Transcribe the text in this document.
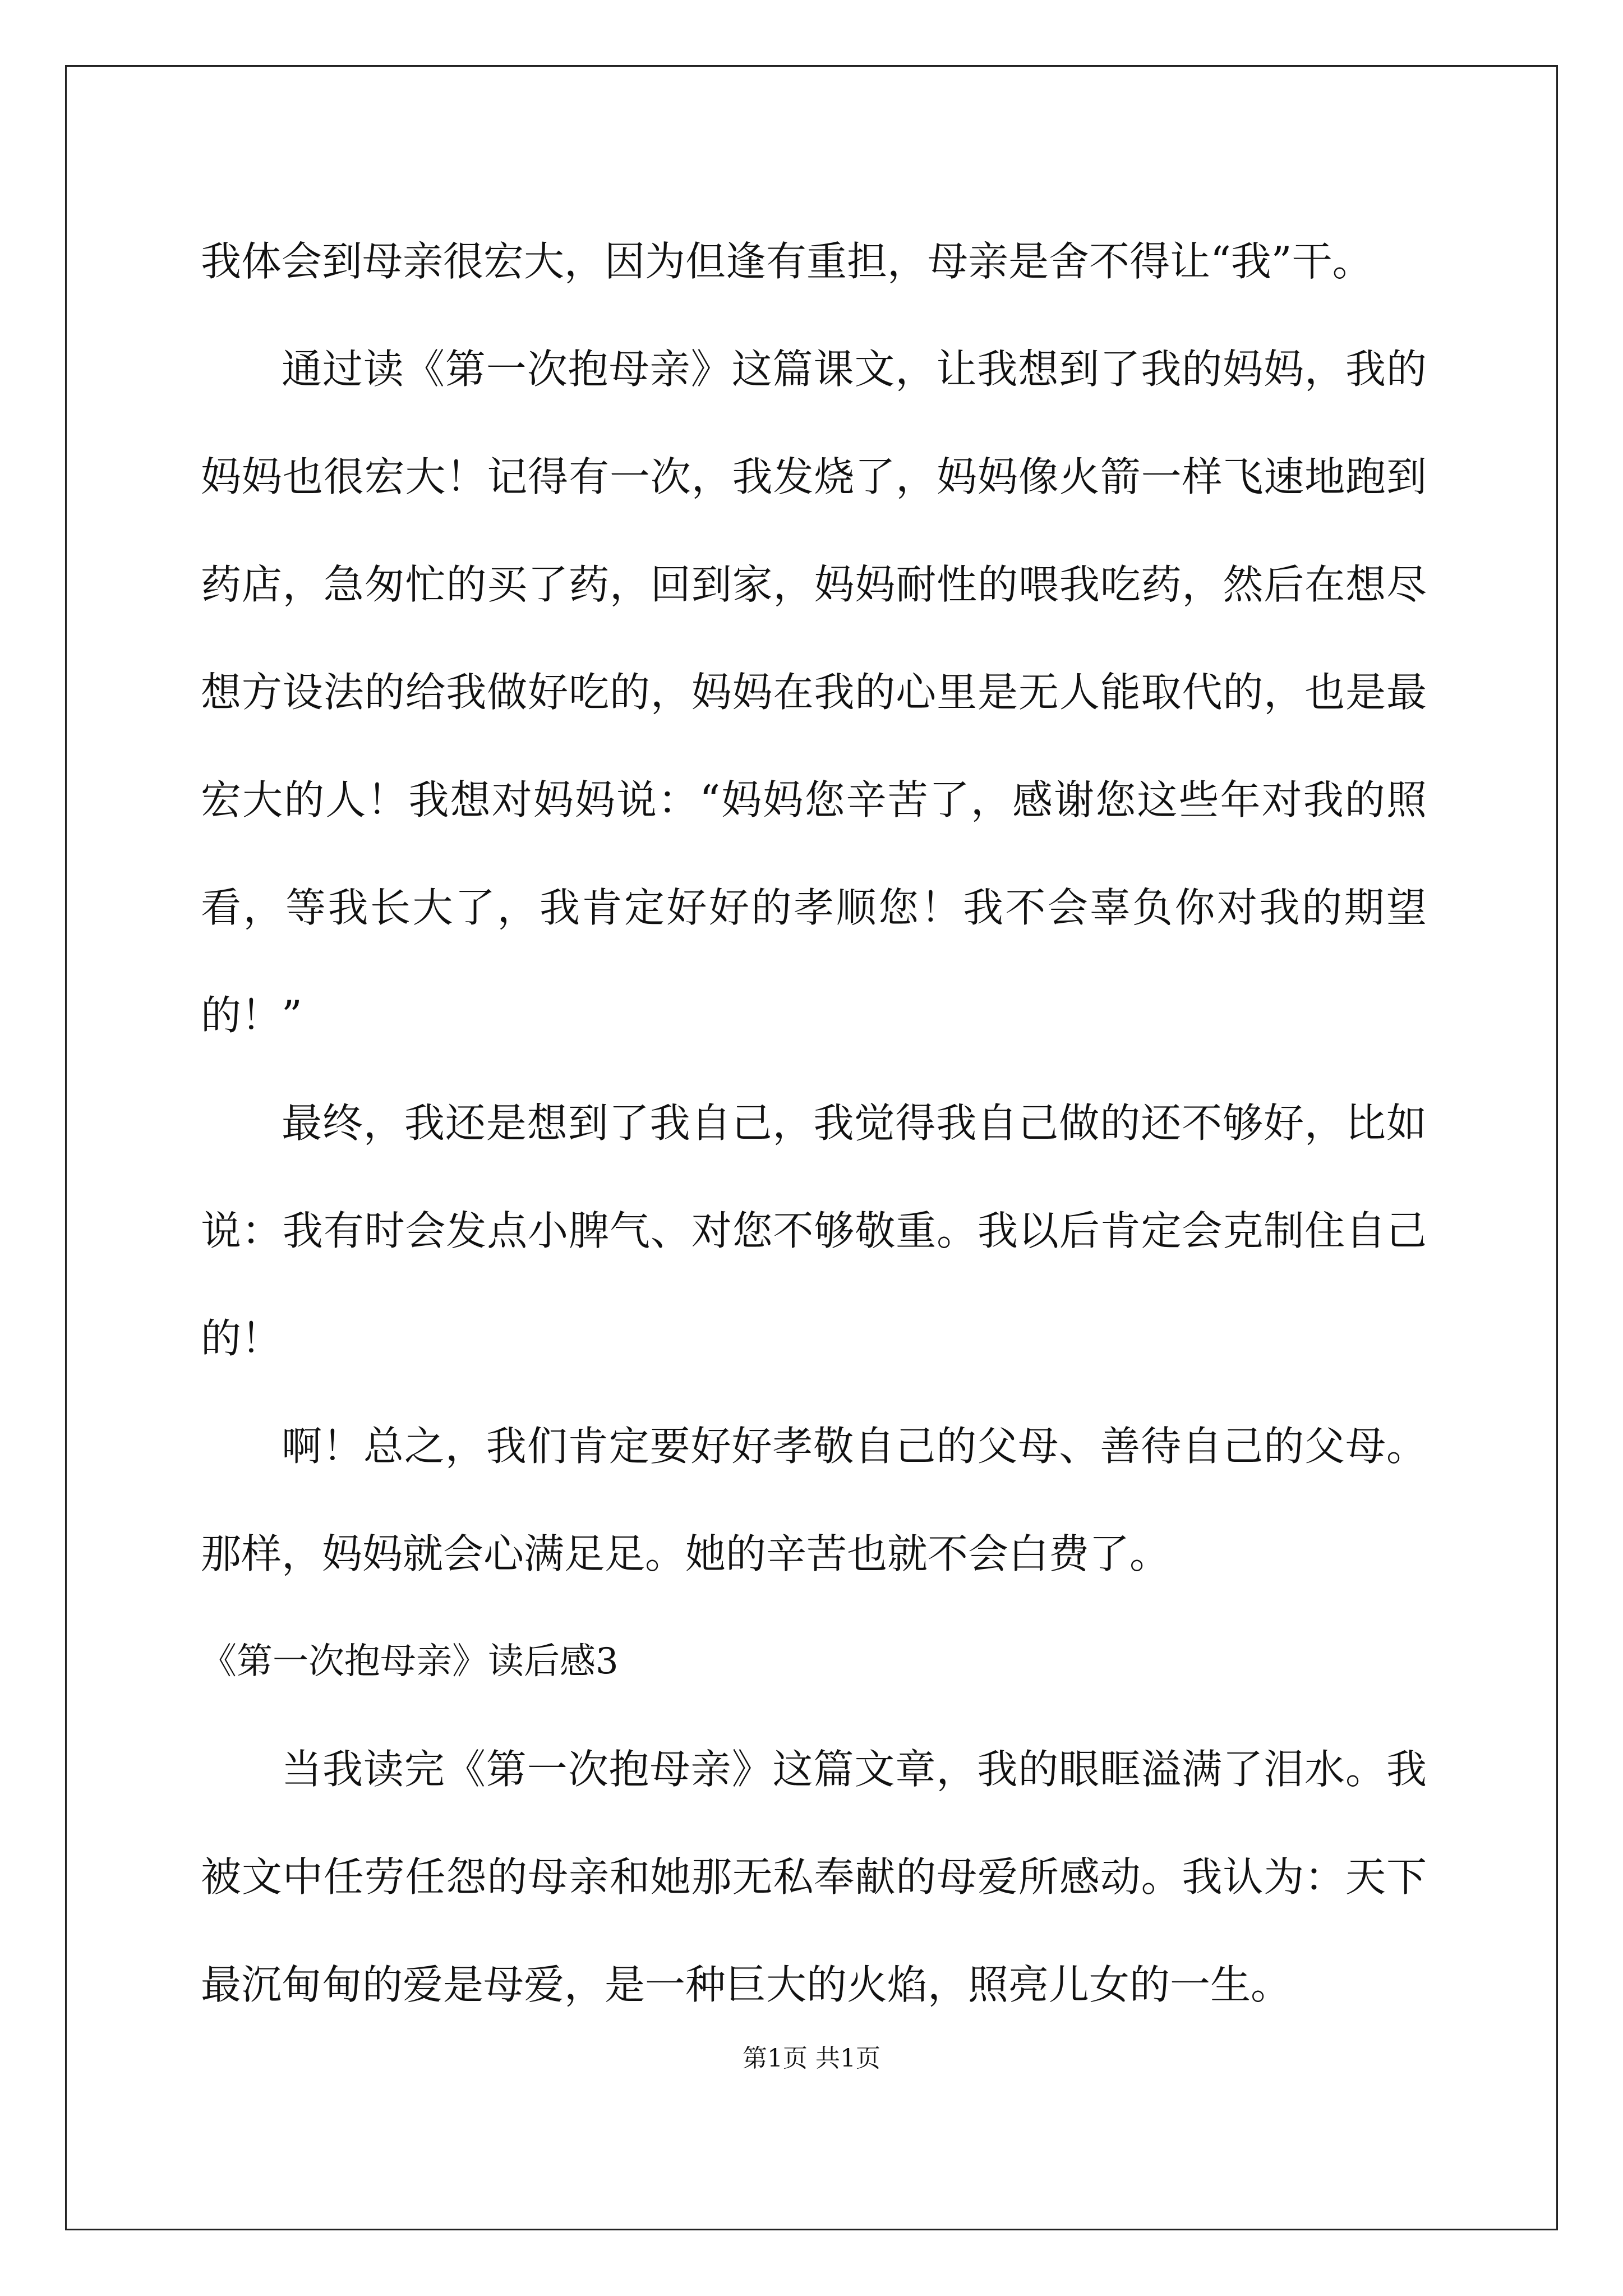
我体会到母亲很宏大，因为但逢有重担，母亲是舍不得让“我”干。

通过读《第一次抱母亲》这篇课文，让我想到了我的妈妈，我的妈妈也很宏大！记得有一次，我发烧了，妈妈像火箭一样飞速地跑到药店，急匆忙的买了药，回到家，妈妈耐性的喂我吃药，然后在想尽想方设法的给我做好吃的，妈妈在我的心里是无人能取代的，也是最宏大的人！我想对妈妈说：“妈妈您辛苦了，感谢您这些年对我的照看，等我长大了，我肯定好好的孝顺您！我不会辜负你对我的期望的！”

最终，我还是想到了我自己，我觉得我自己做的还不够好，比如说：我有时会发点小脾气、对您不够敬重。我以后肯定会克制住自己的！

啊！总之，我们肯定要好好孝敬自己的父母、善待自己的父母。那样，妈妈就会心满足足。她的辛苦也就不会白费了。

《第一次抱母亲》读后感3

当我读完《第一次抱母亲》这篇文章，我的眼眶溢满了泪水。我被文中任劳任怨的母亲和她那无私奉献的母爱所感动。我认为：天下最沉甸甸的爱是母爱，是一种巨大的火焰，照亮儿女的一生。

第1页 共1页
